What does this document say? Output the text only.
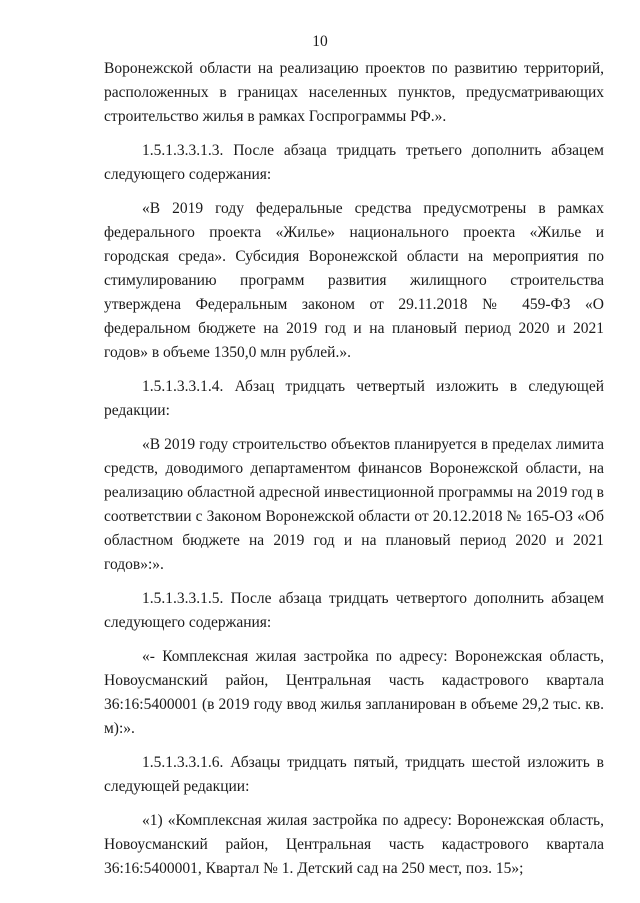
10

Воронежской области на реализацию проектов по развитию территорий, расположенных в границах населенных пунктов, предусматривающих строительство жилья в рамках Госпрограммы РФ.».

1.5.1.3.3.1.3. После абзаца тридцать третьего дополнить абзацем следующего содержания:

«В 2019 году федеральные средства предусмотрены в рамках федерального проекта «Жилье» национального проекта «Жилье и городская среда». Субсидия Воронежской области на мероприятия по стимулированию программ развития жилищного строительства утверждена Федеральным законом от 29.11.2018 № 459-ФЗ «О федеральном бюджете на 2019 год и на плановый период 2020 и 2021 годов» в объеме 1350,0 млн рублей.».

1.5.1.3.3.1.4. Абзац тридцать четвертый изложить в следующей редакции:

«В 2019 году строительство объектов планируется в пределах лимита средств, доводимого департаментом финансов Воронежской области, на реализацию областной адресной инвестиционной программы на 2019 год в соответствии с Законом Воронежской области от 20.12.2018 № 165-ОЗ «Об областном бюджете на 2019 год и на плановый период 2020 и 2021 годов»:».

1.5.1.3.3.1.5. После абзаца тридцать четвертого дополнить абзацем следующего содержания:

«- Комплексная жилая застройка по адресу: Воронежская область, Новоусманский район, Центральная часть кадастрового квартала 36:16:5400001 (в 2019 году ввод жилья запланирован в объеме 29,2 тыс. кв. м):».

1.5.1.3.3.1.6. Абзацы тридцать пятый, тридцать шестой изложить в следующей редакции:

«1) «Комплексная жилая застройка по адресу: Воронежская область, Новоусманский район, Центральная часть кадастрового квартала 36:16:5400001, Квартал № 1. Детский сад на 250 мест, поз. 15»;
